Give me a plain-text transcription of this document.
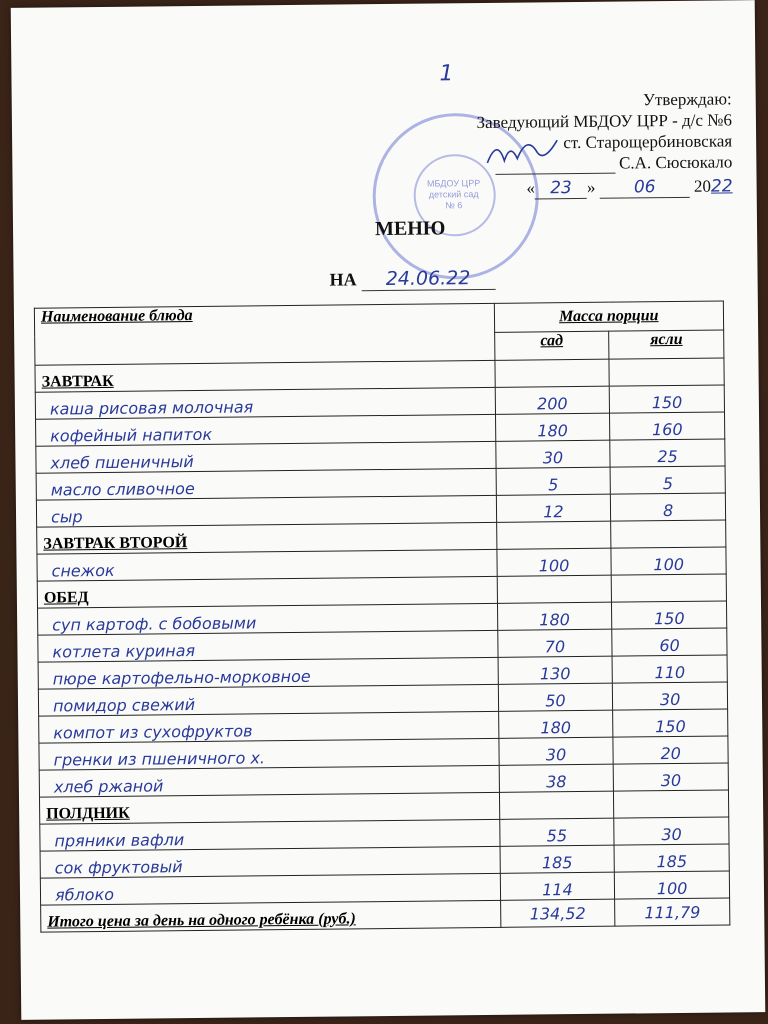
1
МБДОУ ЦРР детский сад № 6
Утверждаю:
Заведующий МБДОУ ЦРР - д/с №6
ст. Старощербиновская
С.А. Сюсюкало
« 23 » 06 2022
МЕНЮ
НА 24.06.22
Наименование блюда	Масса порции	
	сад	ясли
ЗАВТРАК		
каша рисовая молочная	200	150
кофейный напиток	180	160
хлеб пшеничный	30	25
масло сливочное	5	5
сыр	12	8
ЗАВТРАК ВТОРОЙ		
снежок	100	100
ОБЕД		
суп картоф. с бобовыми	180	150
котлета куриная	70	60
пюре картофельно-морковное	130	110
помидор свежий	50	30
компот из сухофруктов	180	150
гренки из пшеничного х.	30	20
хлеб ржаной	38	30
ПОЛДНИК		
пряники вафли	55	30
сок фруктовый	185	185
яблоко	114	100
Итого цена за день на одного ребёнка (руб.)	134,52	111,79
